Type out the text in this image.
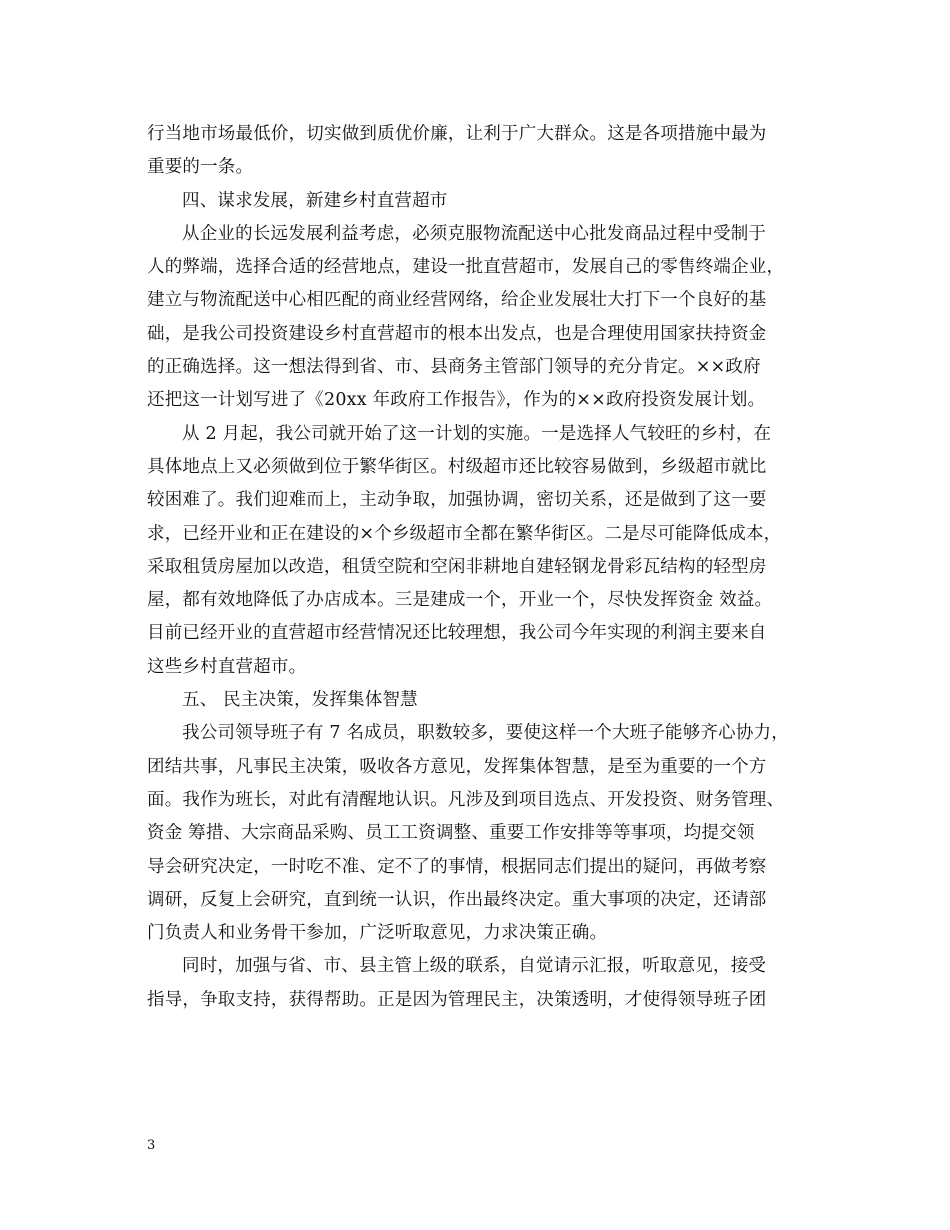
行当地市场最低价，切实做到质优价廉，让利于广大群众。这是各项措施中最为
重要的一条。
四、谋求发展，新建乡村直营超市
从企业的长远发展利益考虑，必须克服物流配送中心批发商品过程中受制于
人的弊端，选择合适的经营地点，建设一批直营超市，发展自己的零售终端企业，
建立与物流配送中心相匹配的商业经营网络，给企业发展壮大打下一个良好的基
础，是我公司投资建设乡村直营超市的根本出发点，也是合理使用国家扶持资金
的正确选择。这一想法得到省、市、县商务主管部门领导的充分肯定。××政府
还把这一计划写进了《20xx 年政府工作报告》，作为的××政府投资发展计划。
从 2 月起，我公司就开始了这一计划的实施。一是选择人气较旺的乡村，在
具体地点上又必须做到位于繁华街区。村级超市还比较容易做到，乡级超市就比
较困难了。我们迎难而上，主动争取，加强协调，密切关系，还是做到了这一要
求，已经开业和正在建设的×个乡级超市全都在繁华街区。二是尽可能降低成本，
采取租赁房屋加以改造，租赁空院和空闲非耕地自建轻钢龙骨彩瓦结构的轻型房
屋，都有效地降低了办店成本。三是建成一个，开业一个，尽快发挥资金 效益。
目前已经开业的直营超市经营情况还比较理想，我公司今年实现的利润主要来自
这些乡村直营超市。
五、 民主决策，发挥集体智慧
我公司领导班子有 7 名成员，职数较多，要使这样一个大班子能够齐心协力，
团结共事，凡事民主决策，吸收各方意见，发挥集体智慧，是至为重要的一个方
面。我作为班长，对此有清醒地认识。凡涉及到项目选点、开发投资、财务管理、
资金 筹措、大宗商品采购、员工工资调整、重要工作安排等等事项，均提交领
导会研究决定，一时吃不准、定不了的事情，根据同志们提出的疑问，再做考察
调研，反复上会研究，直到统一认识，作出最终决定。重大事项的决定，还请部
门负责人和业务骨干参加，广泛听取意见，力求决策正确。
同时，加强与省、市、县主管上级的联系，自觉请示汇报，听取意见，接受
指导，争取支持，获得帮助。正是因为管理民主，决策透明，才使得领导班子团
3
